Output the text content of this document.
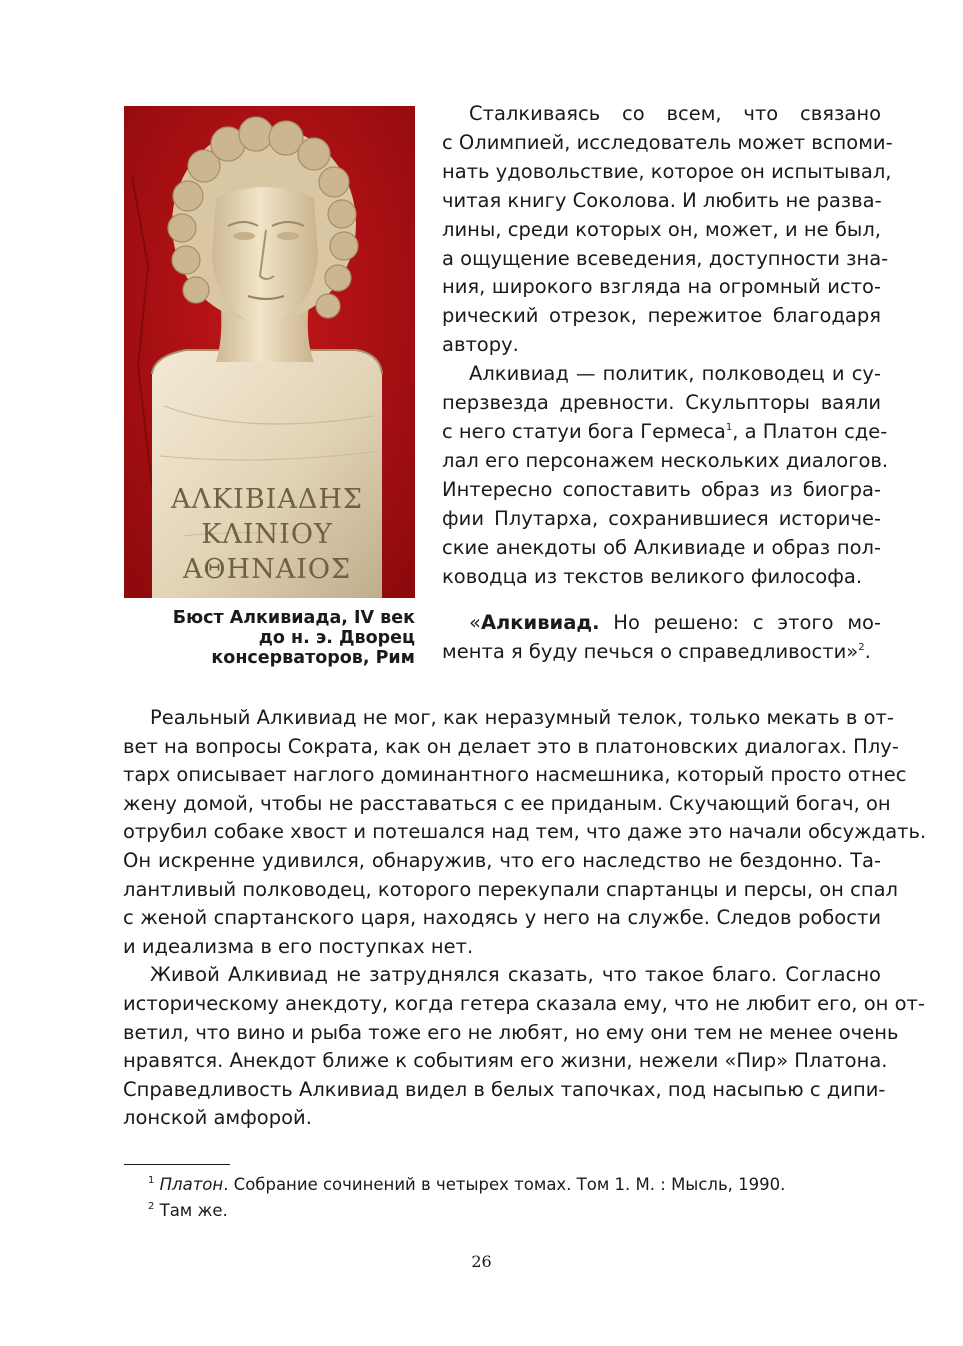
ΑΛΚΙΒΙΑΔΗΣ
ΚΛΙΝΙΟΥ
ΑΘΗΝΑΙΟΣ
Бюст Алкивиада, IV век
до н. э. Дворец
консерваторов, Рим
Сталкиваясь со всем, что связано
с Олимпией, исследователь может вспоми-
нать удовольствие, которое он испытывал,
читая книгу Соколова. И любить не развa-
лины, среди которых он, может, и не был,
а ощущение всеведения, доступности зна-
ния, широкого взгляда на огромный исто-
рический отрезок, пережитое благодаря
автору.
Алкивиад — политик, полководец и су-
перзвезда древности. Скульпторы ваяли
с него статуи бога Гермеса$^1$, а Платон сде-
лал его персонажем нескольких диалогов.
Интересно сопоставить образ из биогра-
фии Плутарха, сохранившиеся историче-
ские анекдоты об Алкивиаде и образ пол-
ководца из текстов великого философа.
«Алкивиад. Но решено: с этого мо-
мента я буду печься о справедливости»$^2$.
Реальный Алкивиад не мог, как неразумный телок, только мекать в от-
вет на вопросы Сократа, как он делает это в платоновских диалогах. Плу-
тарх описывает наглого доминантного насмешника, который просто отнес
жену домой, чтобы не расставаться с ее приданым. Скучающий богач, он
отрубил собаке хвост и потешался над тем, что даже это начали обсуждать.
Он искренне удивился, обнаружив, что его наследство не бездонно. Та-
лантливый полководец, которого перекупали спартанцы и персы, он спал
с женой спартанского царя, находясь у него на службе. Следов робости
и идеализма в его поступках нет.
Живой Алкивиад не затруднялся сказать, что такое благо. Согласно
историческому анекдоту, когда гетера сказала ему, что не любит его, он от-
ветил, что вино и рыба тоже его не любят, но ему они тем не менее очень
нравятся. Анекдот ближе к событиям его жизни, нежели «Пир» Платона.
Справедливость Алкивиад видел в белых тапочках, под насыпью с дипи-
лонской амфорой.
$^1$ Платон. Собрание сочинений в четырех томах. Том 1. М. : Мысль, 1990.
$^2$ Там же.
26
